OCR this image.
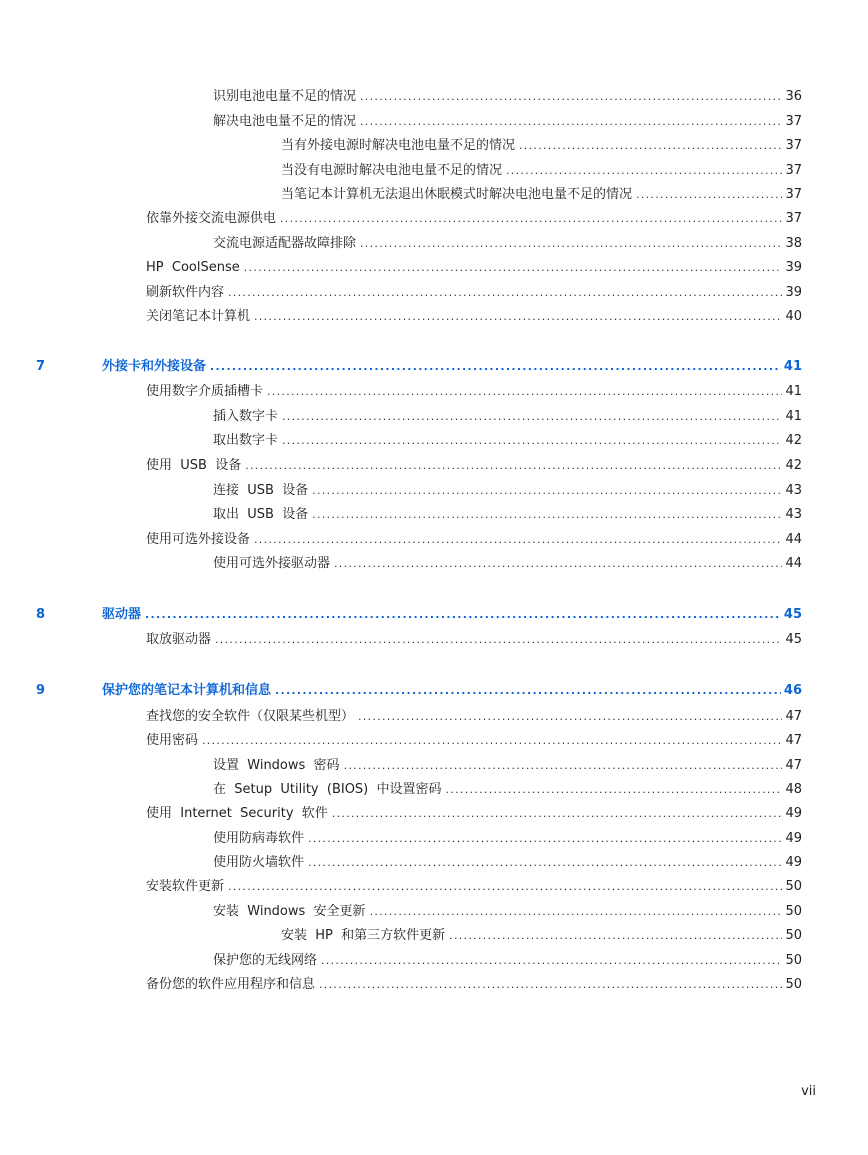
识别电池电量不足的情况 .....	36
解决电池电量不足的情况 .....	37
当有外接电源时解决电池电量不足的情况 .....	37
当没有电源时解决电池电量不足的情况 .....	37
当笔记本计算机无法退出休眠模式时解决电池电量不足的情况 .....	37
依靠外接交流电源供电 .....	37
交流电源适配器故障排除 .....	38
HP  CoolSense .....	39
刷新软件内容 .....	39
关闭笔记本计算机 .....	40
7	外接卡和外接设备 .....	41
使用数字介质插槽卡 .....	41
插入数字卡 .....	41
取出数字卡 .....	42
使用  USB  设备 .....	42
连接  USB  设备 .....	43
取出  USB  设备 .....	43
使用可选外接设备 .....	44
使用可选外接驱动器 .....	44
8	驱动器 .....	45
取放驱动器 .....	45
9	保护您的笔记本计算机和信息 .....	46
查找您的安全软件（仅限某些机型） .....	47
使用密码 .....	47
设置  Windows  密码 .....	47
在  Setup  Utility  (BIOS)  中设置密码 .....	48
使用  Internet  Security  软件 .....	49
使用防病毒软件 .....	49
使用防火墙软件 .....	49
安装软件更新 .....	50
安装  Windows  安全更新 .....	50
安装  HP  和第三方软件更新 .....	50
保护您的无线网络 .....	50
备份您的软件应用程序和信息 .....	50
vii
